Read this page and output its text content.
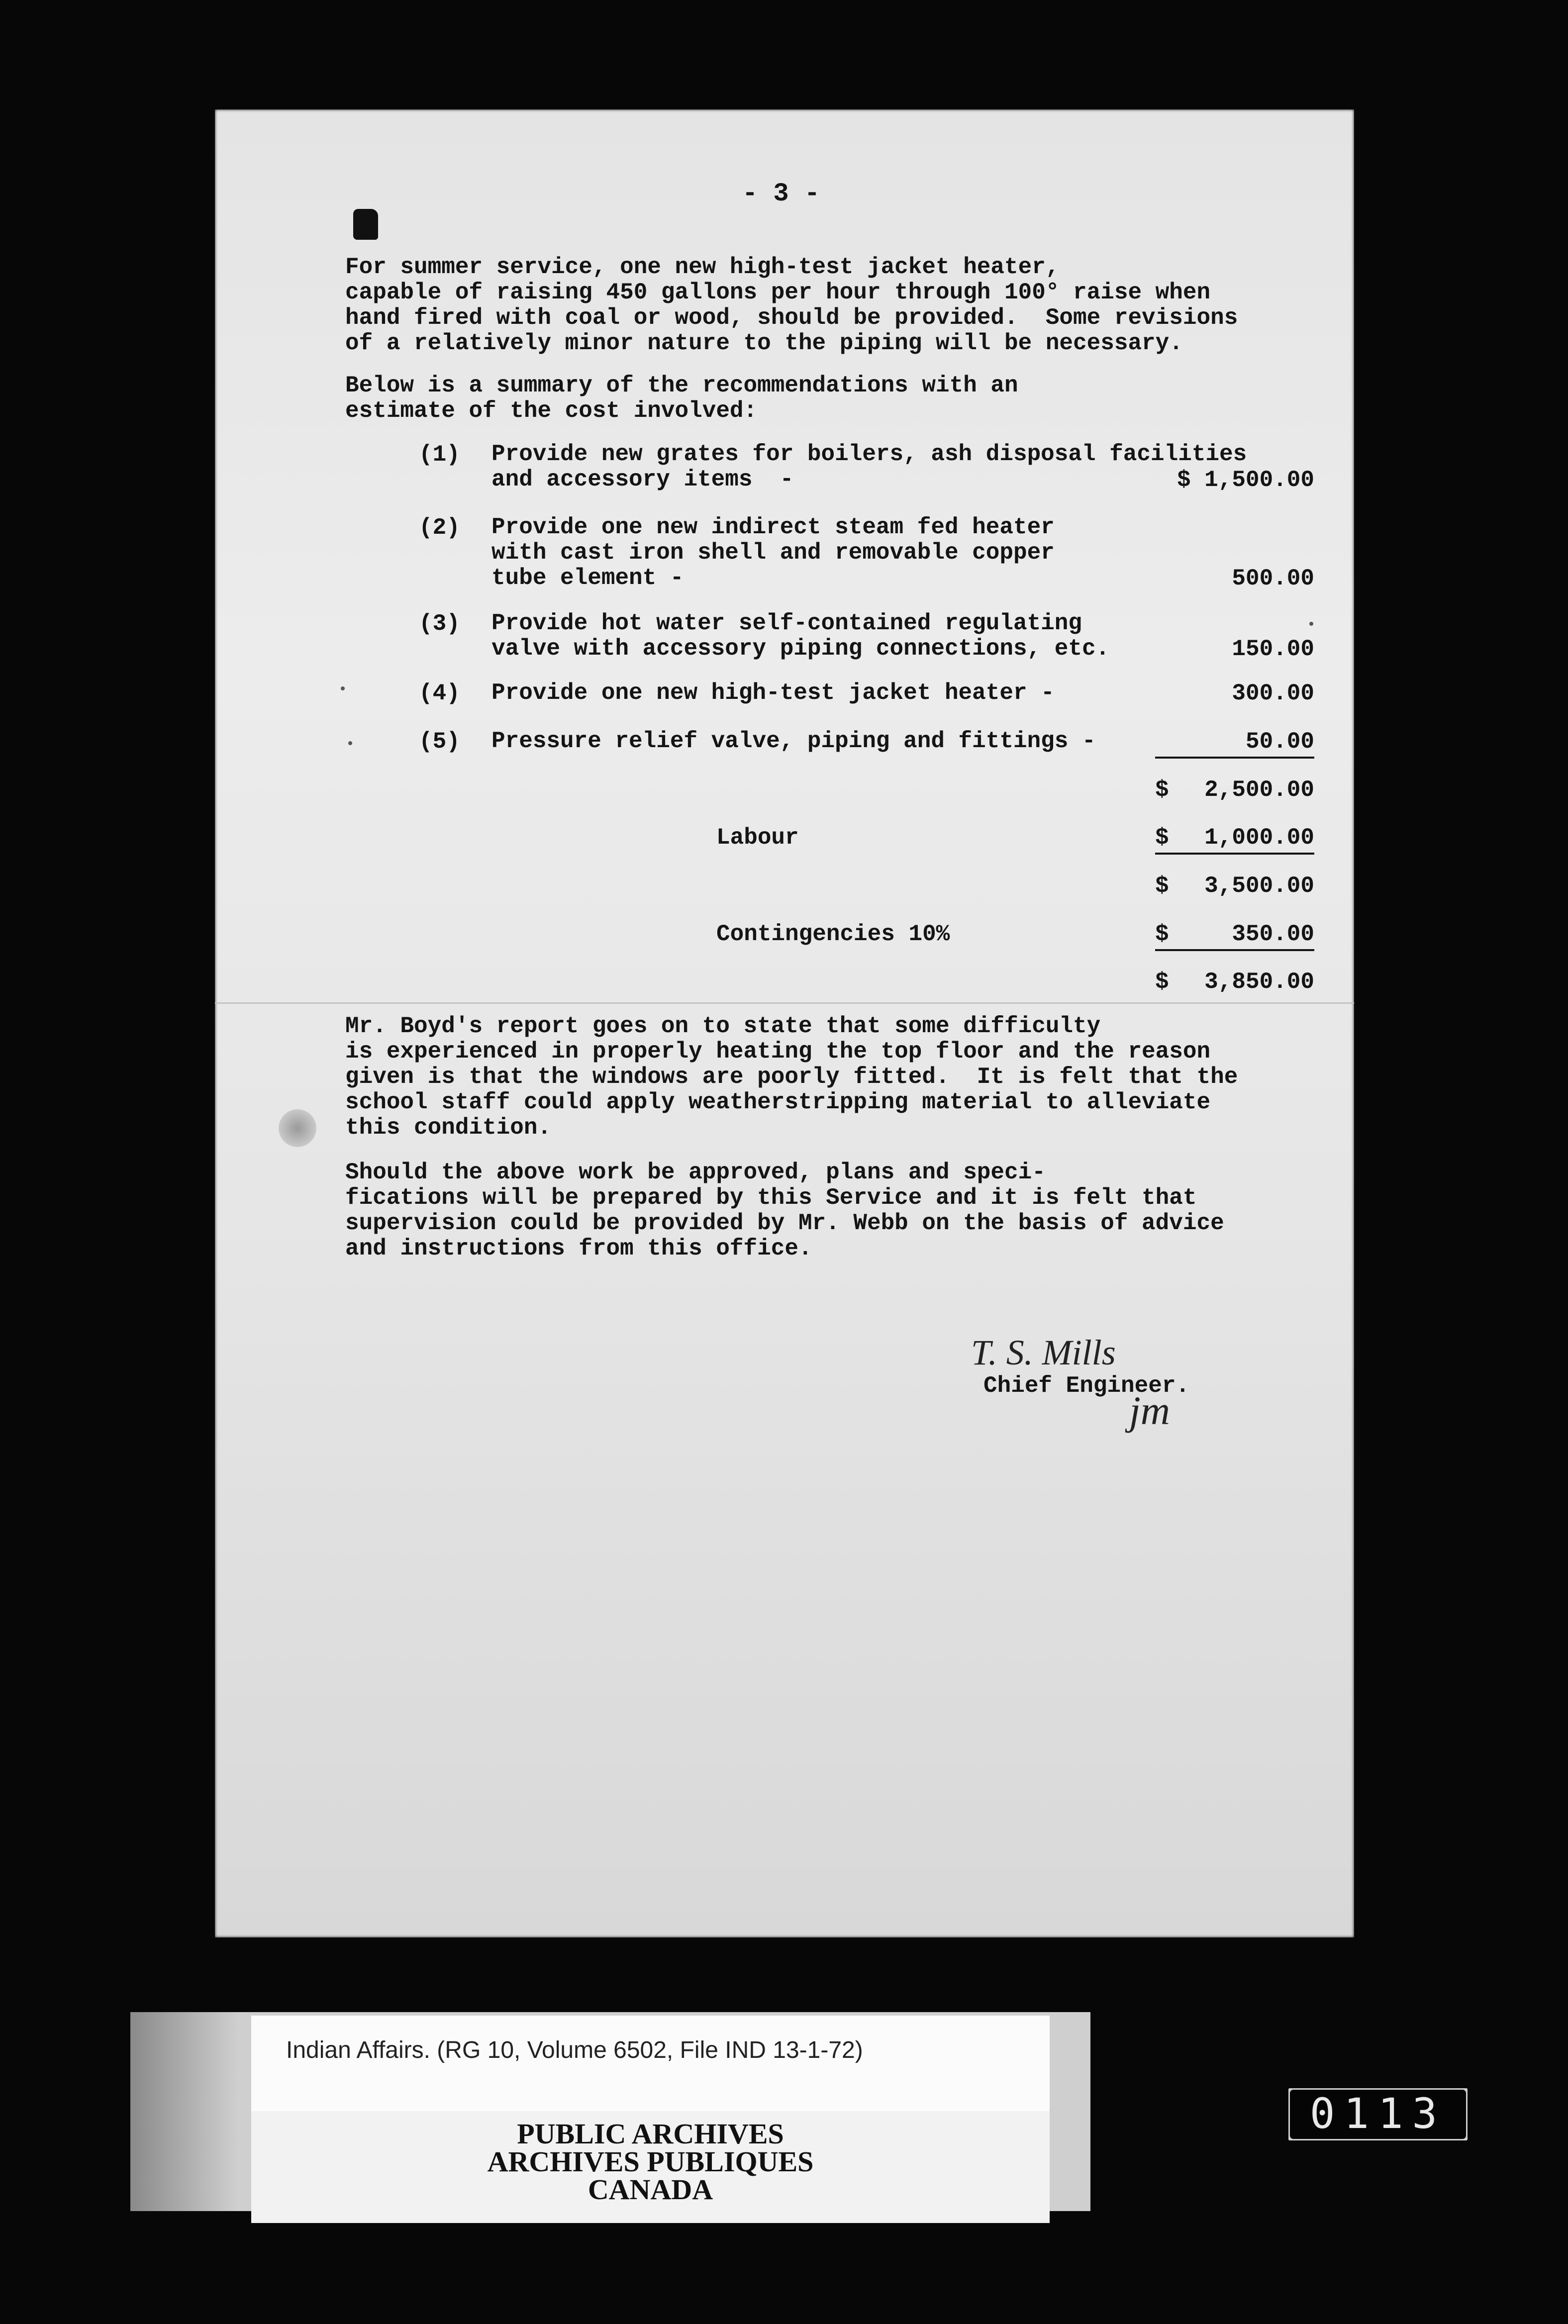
- 3 -
For summer service, one new high-test jacket heater,
capable of raising 450 gallons per hour through 100° raise when
hand fired with coal or wood, should be provided.  Some revisions
of a relatively minor nature to the piping will be necessary.
Below is a summary of the recommendations with an
estimate of the cost involved:
(1) Provide new grates for boilers, ash disposal facilities
and accessory items  -	$ 1,500.00
(2) Provide one new indirect steam fed heater
with cast iron shell and removable copper
tube element -	500.00
(3) Provide hot water self-contained regulating
valve with accessory piping connections, etc.	150.00
(4) Provide one new high-test jacket heater -	300.00
(5) Pressure relief valve, piping and fittings -	50.00
$ 2,500.00
Labour	$ 1,000.00
$ 3,500.00
Contingencies 10%	$	350.00
$ 3,850.00
Mr. Boyd's report goes on to state that some difficulty
is experienced in properly heating the top floor and the reason
given is that the windows are poorly fitted.  It is felt that the
school staff could apply weatherstripping material to alleviate
this condition.
Should the above work be approved, plans and speci-
fications will be prepared by this Service and it is felt that
supervision could be provided by Mr. Webb on the basis of advice
and instructions from this office.
T. S. Mills
Chief Engineer.
jm
Indian Affairs. (RG 10, Volume 6502, File IND 13-1-72)
PUBLIC ARCHIVES
ARCHIVES PUBLIQUES
CANADA
0113
